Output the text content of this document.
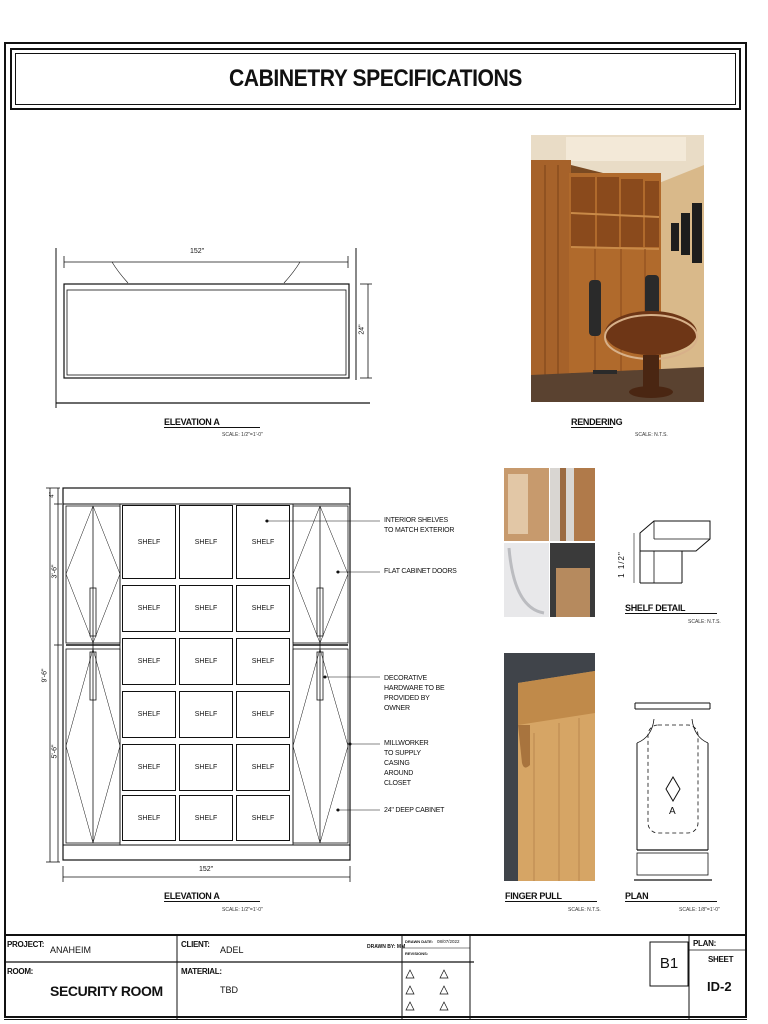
CABINETRY SPECIFICATIONS
152"
24"
ELEVATION A
SCALE: 1/2"=1'-0"
RENDERING
SCALE: N.T.S.
SHELF	SHELF	SHELF
SHELF	SHELF	SHELF
SHELF	SHELF	SHELF
SHELF	SHELF	SHELF
SHELF	SHELF	SHELF
SHELF	SHELF	SHELF
9'-6"
3'-6"
5'-6"
4"
152"
INTERIOR SHELVES TO MATCH EXTERIOR
FLAT CABINET DOORS
DECORATIVE HARDWARE TO BE PROVIDED BY OWNER
MILLWORKER TO SUPPLY CASING AROUND CLOSET
24" DEEP CABINET
ELEVATION A
SCALE: 1/2"=1'-0"
1 1/2"
SHELF DETAIL
SCALE: N.T.S.
FINGER PULL
SCALE: N.T.S.
A
PLAN
SCALE: 1/8"=1'-0"
PROJECT:
ANAHEIM
CLIENT:
ADEL	DRAWN BY: MM
DRAWN DATE: 08/07/2022
REVISIONS:
ROOM:
SECURITY ROOM
MATERIAL:
TBD
B1
PLAN:
SHEET
ID-2
